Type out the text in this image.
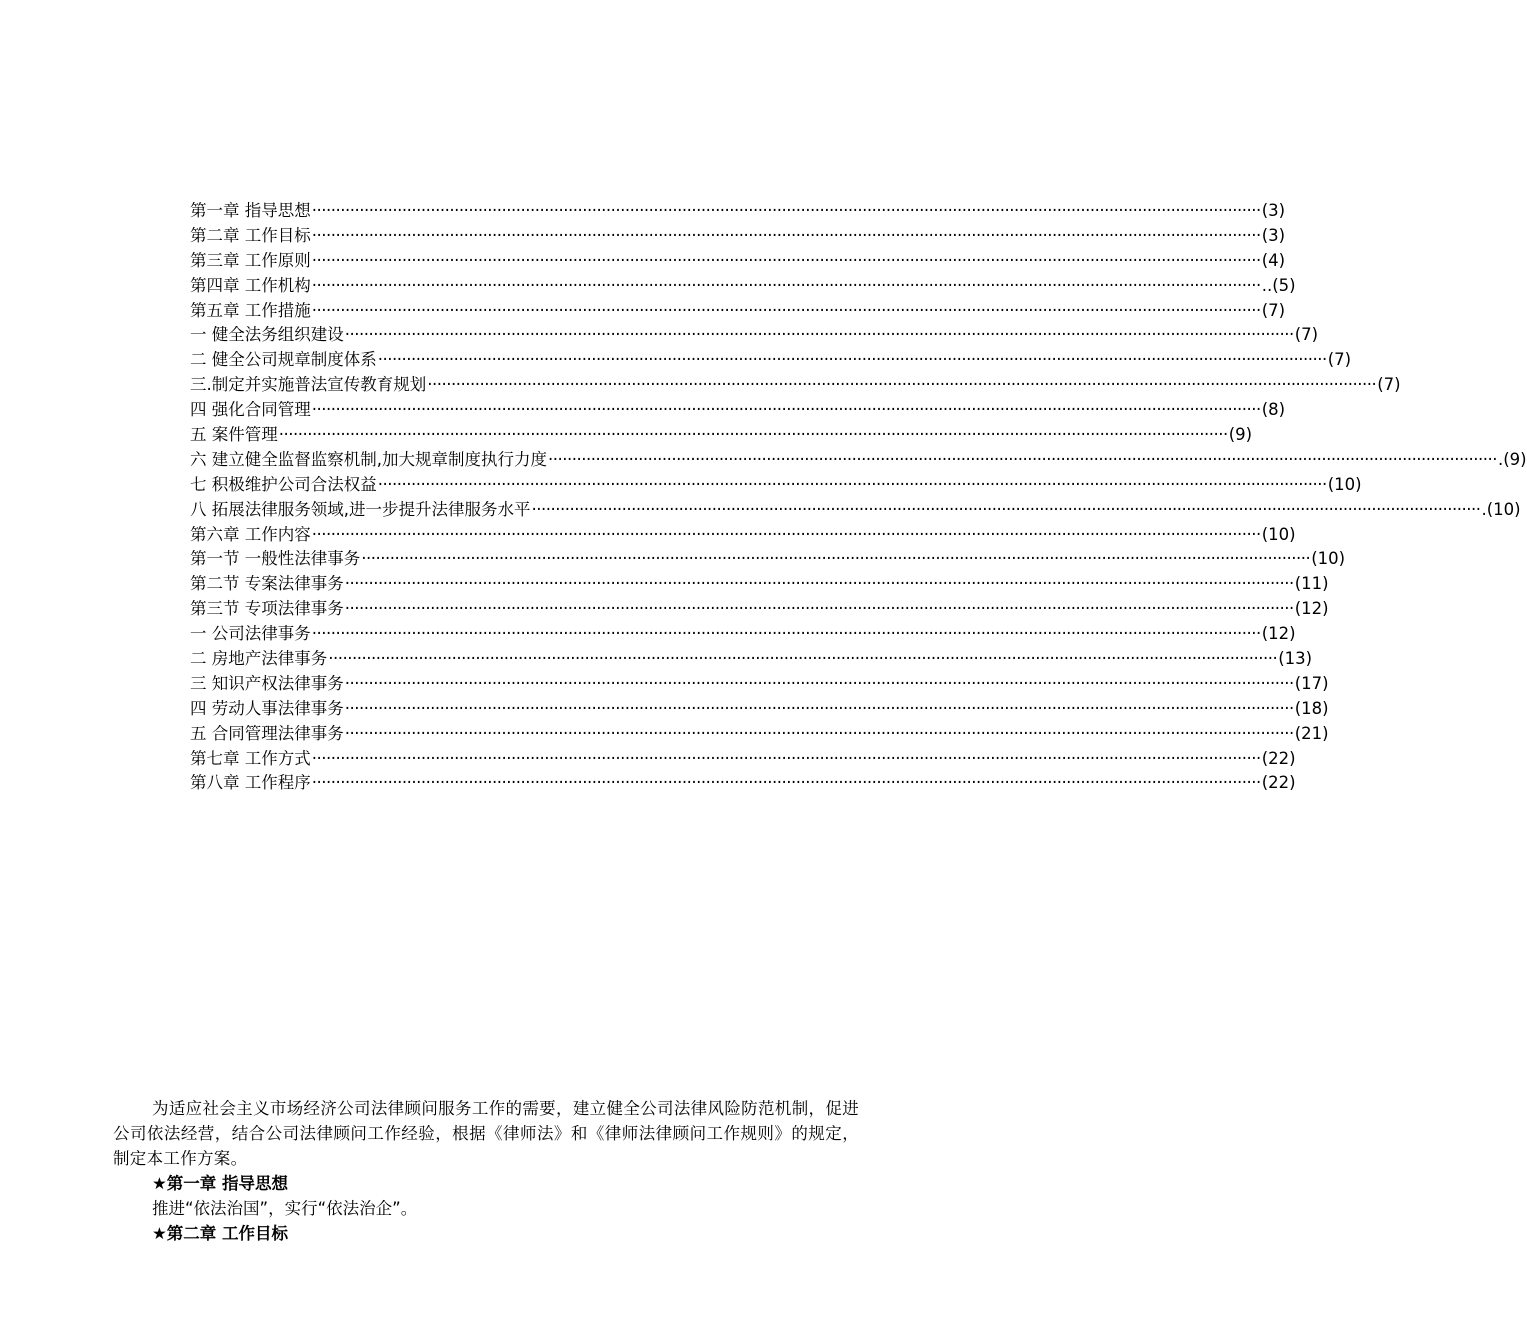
第一章 指导思想 ········································································································································································································ (3)
第二章 工作目标 ········································································································································································································ (3)
第三章 工作原则 ········································································································································································································ (4)
第四章 工作机构 ········································································································································································································ ..(5)
第五章 工作措施 ········································································································································································································ (7)
一 健全法务组织建设 ········································································································································································································ (7)
二 健全公司规章制度体系 ········································································································································································································ (7)
三.制定并实施普法宣传教育规划 ········································································································································································································ (7)
四 强化合同管理 ········································································································································································································ (8)
五 案件管理 ········································································································································································································ (9)
六 建立健全监督监察机制,加大规章制度执行力度 ········································································································································································································ .(9)
七 积极维护公司合法权益 ········································································································································································································ (10)
八 拓展法律服务领域,进一步提升法律服务水平 ········································································································································································································ .(10)
第六章 工作内容 ········································································································································································································ (10)
第一节 一般性法律事务 ········································································································································································································ (10)
第二节 专案法律事务 ········································································································································································································ (11)
第三节 专项法律事务 ········································································································································································································ (12)
一 公司法律事务 ········································································································································································································ (12)
二 房地产法律事务 ········································································································································································································ (13)
三 知识产权法律事务 ········································································································································································································ (17)
四 劳动人事法律事务 ········································································································································································································ (18)
五 合同管理法律事务 ········································································································································································································ (21)
第七章 工作方式 ········································································································································································································ (22)
第八章 工作程序 ········································································································································································································ (22)

为适应社会主义市场经济公司法律顾问服务工作的需要，建立健全公司法律风险防范机制，促进公司依法经营，结合公司法律顾问工作经验，根据《律师法》和《律师法律顾问工作规则》的规定，制定本工作方案。

★第一章 指导思想

推进“依法治国”，实行“依法治企”。

★第二章 工作目标
